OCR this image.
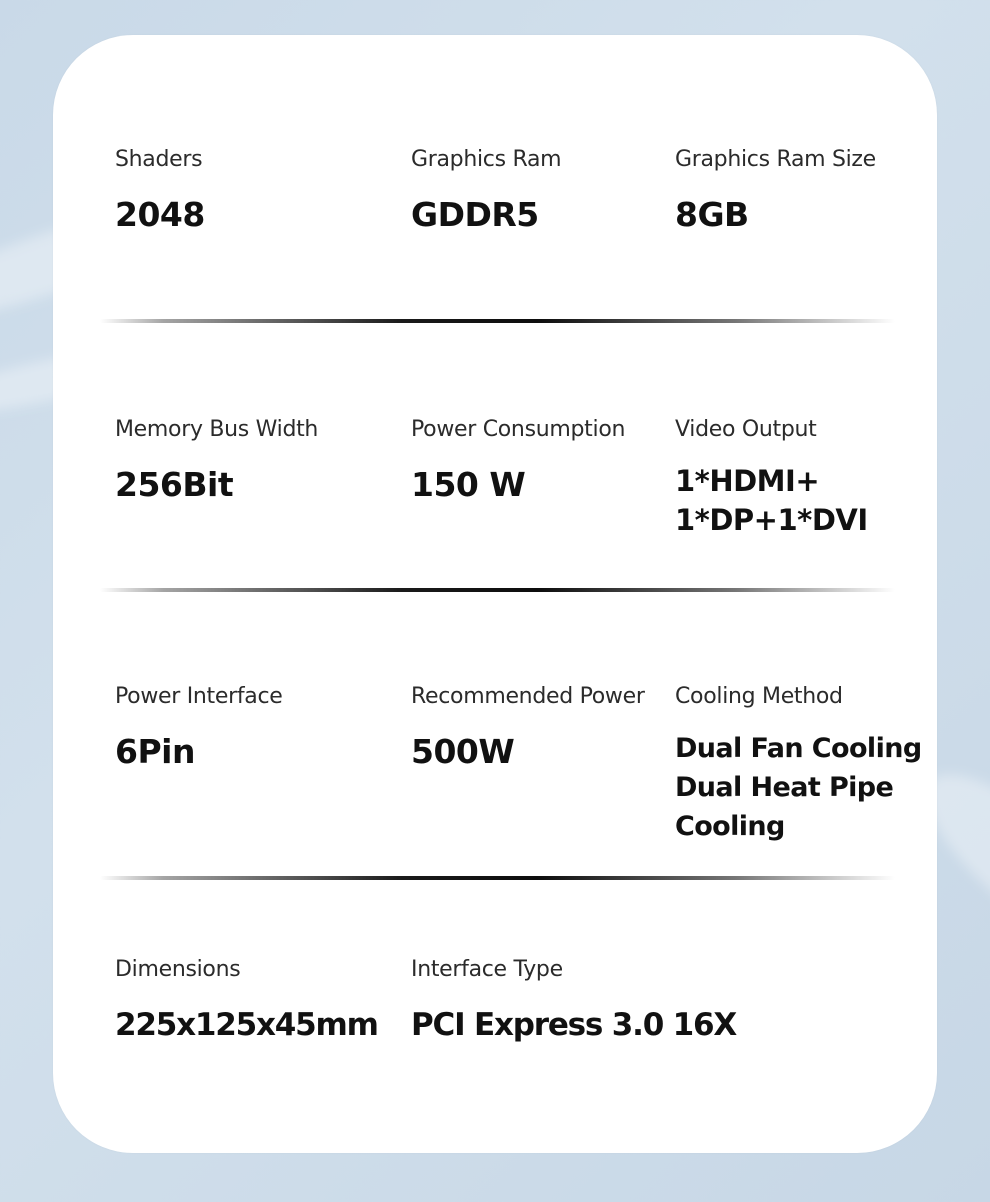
Shaders
2048
Graphics Ram
GDDR5
Graphics Ram Size
8GB
Memory Bus Width
256Bit
Power Consumption
150 W
Video Output
1*HDMI+
1*DP+1*DVI
Power Interface
6Pin
Recommended Power
500W
Cooling Method
Dual Fan Cooling
Dual Heat Pipe
Cooling
Dimensions
225x125x45mm
Interface Type
PCI Express 3.0 16X
